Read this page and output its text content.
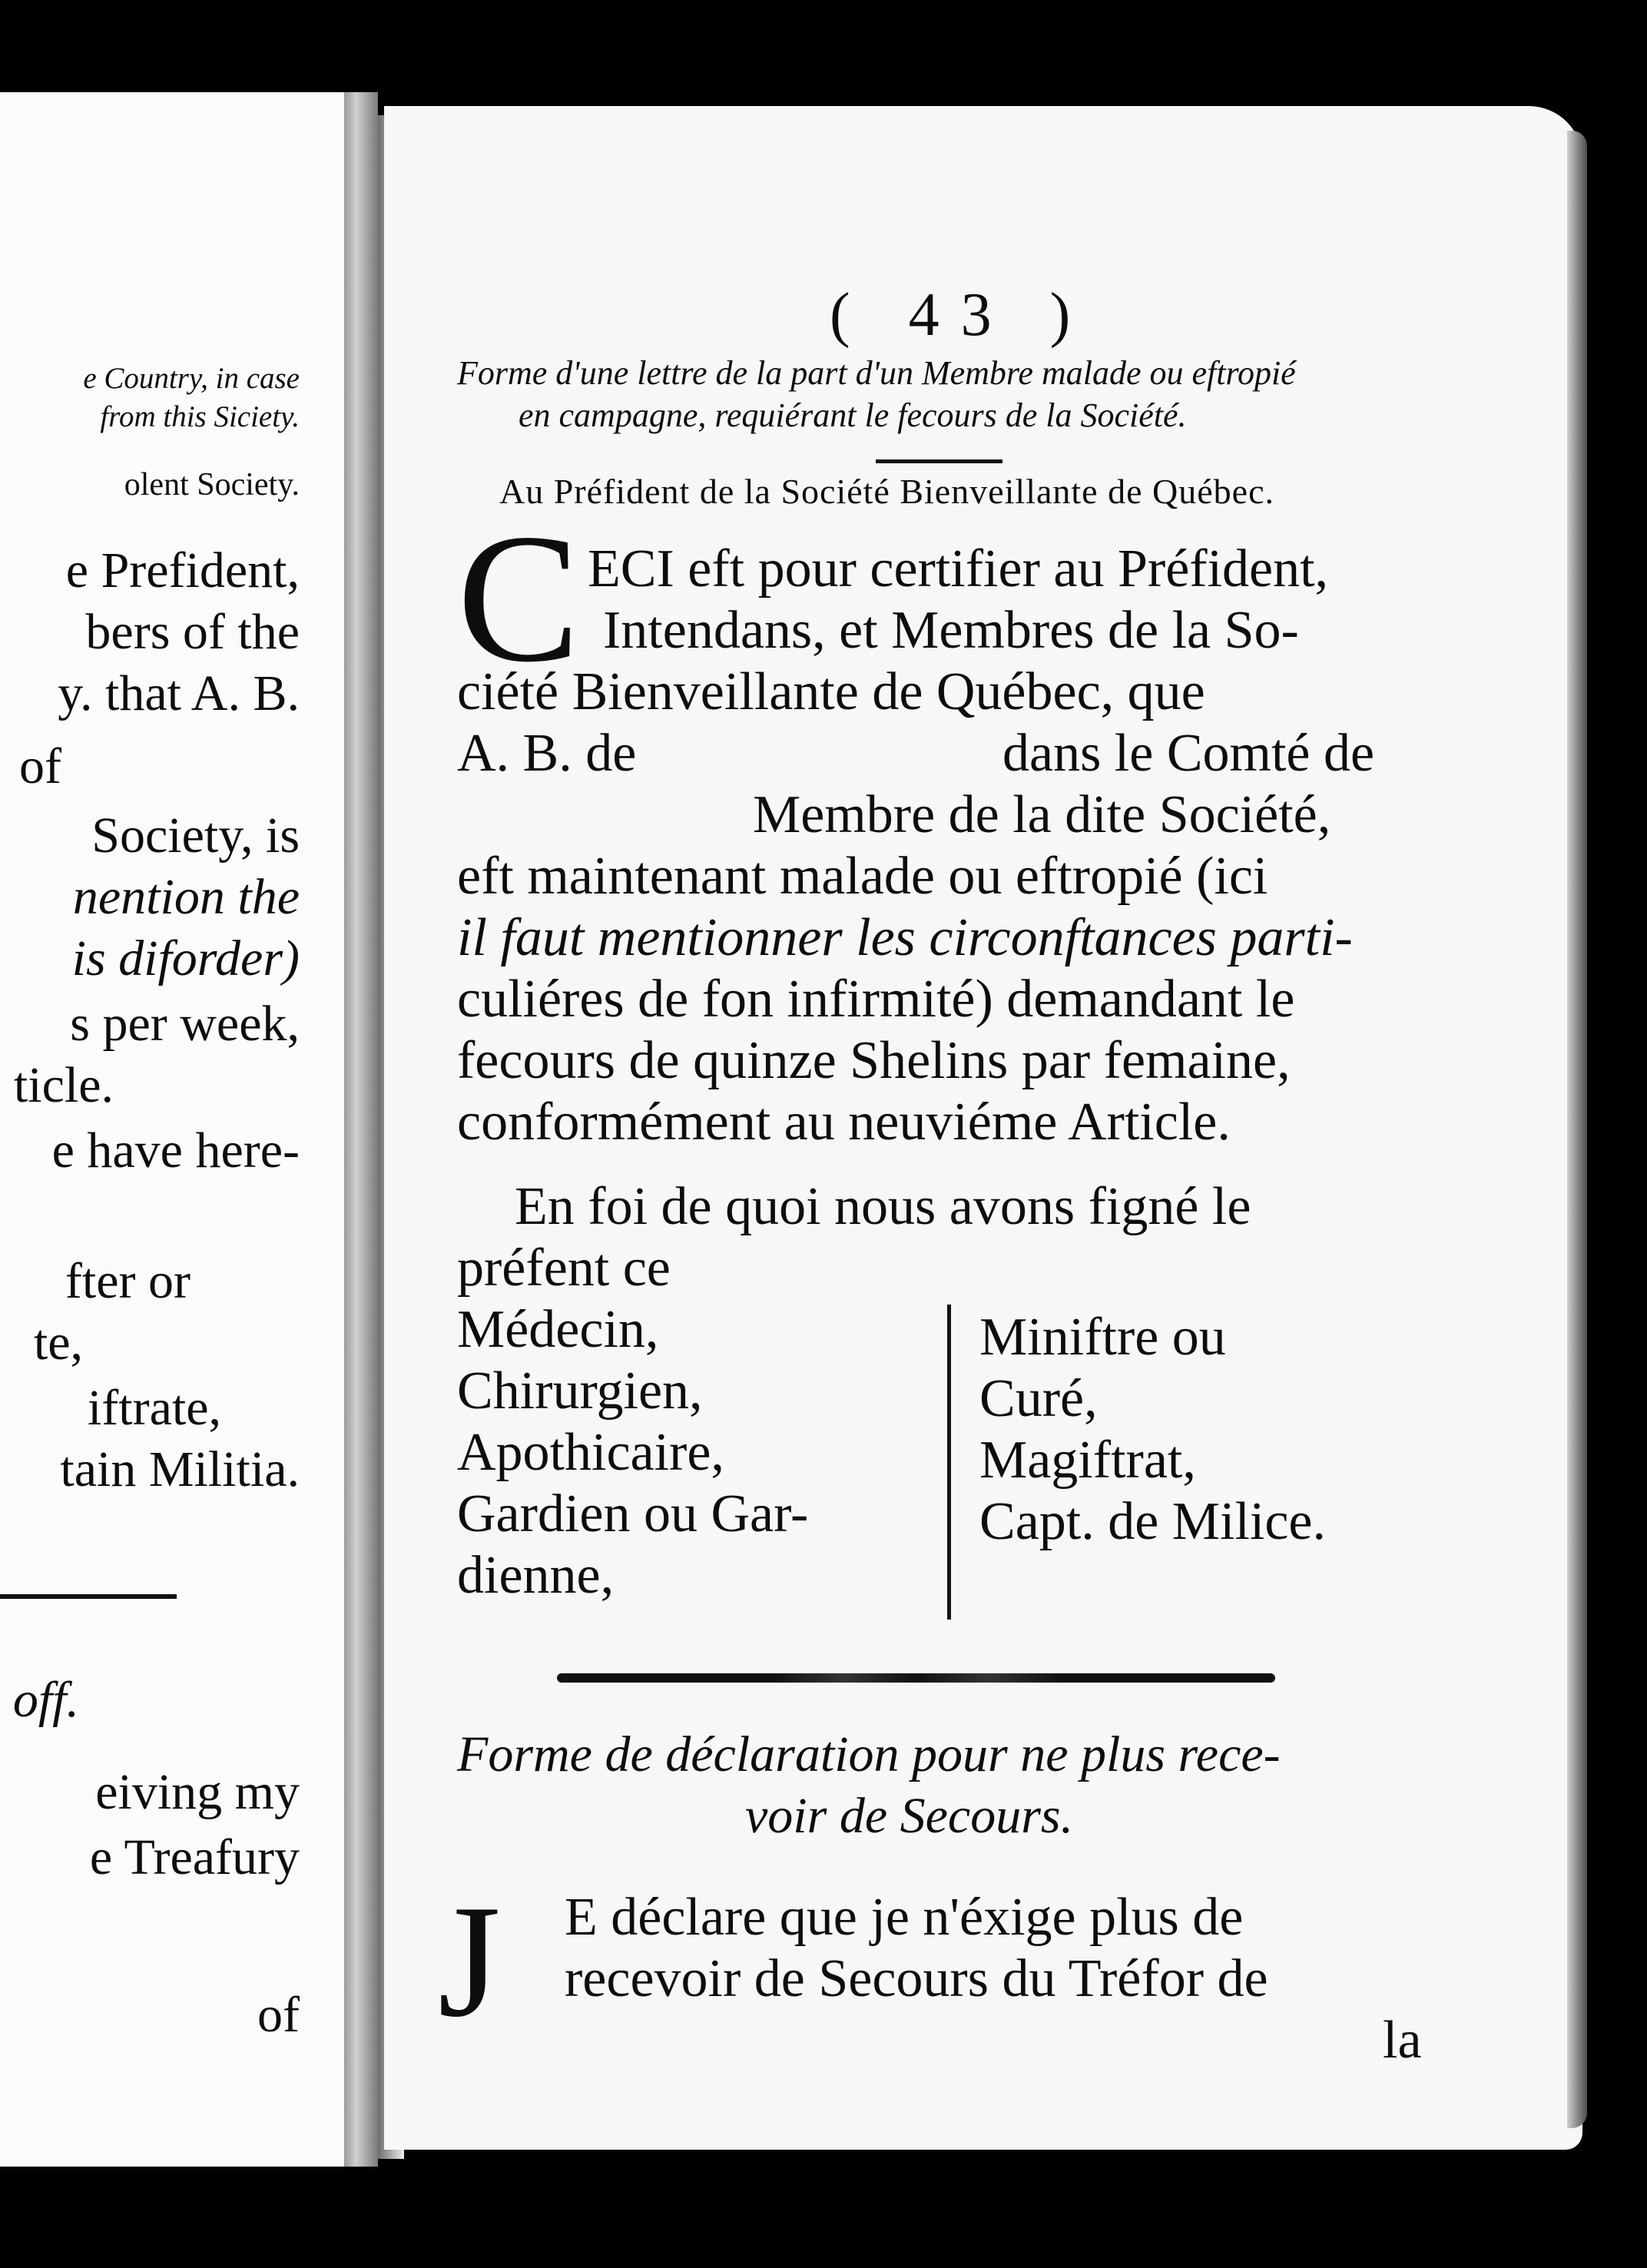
e Country, in case
from this Siciety.
olent Society.
e Prefident,
bers of the
y. that A. B.
of
Society, is
nention the
is diforder)
s per week,
ticle.
e have here-
fter or
te,
iftrate,
tain Militia.
off.
eiving my
e Treafury
of
( 43 )
Forme d'une lettre de la part d'un Membre malade ou eftropié
en campagne, requiérant le fecours de la Société.
Au Préfident de la Société Bienveillante de Québec.
C ECI eft pour certifier au Préfident,
Intendans, et Membres de la So-
ciété Bienveillante de Québec, que
A. B. de	dans le Comté de
Membre de la dite Société,
eft maintenant malade ou eftropié (ici
il faut mentionner les circonftances parti-
culiéres de fon infirmité) demandant le
fecours de quinze Shelins par femaine,
conformément au neuviéme Article.
En foi de quoi nous avons figné le
préfent ce
Médecin,
Chirurgien,
Apothicaire,
Gardien ou Gar-
dienne,
Miniftre ou
Curé,
Magiftrat,
Capt. de Milice.
Forme de déclaration pour ne plus rece-
voir de Secours.
J E déclare que je n'éxige plus de
recevoir de Secours du Tréfor de
la
